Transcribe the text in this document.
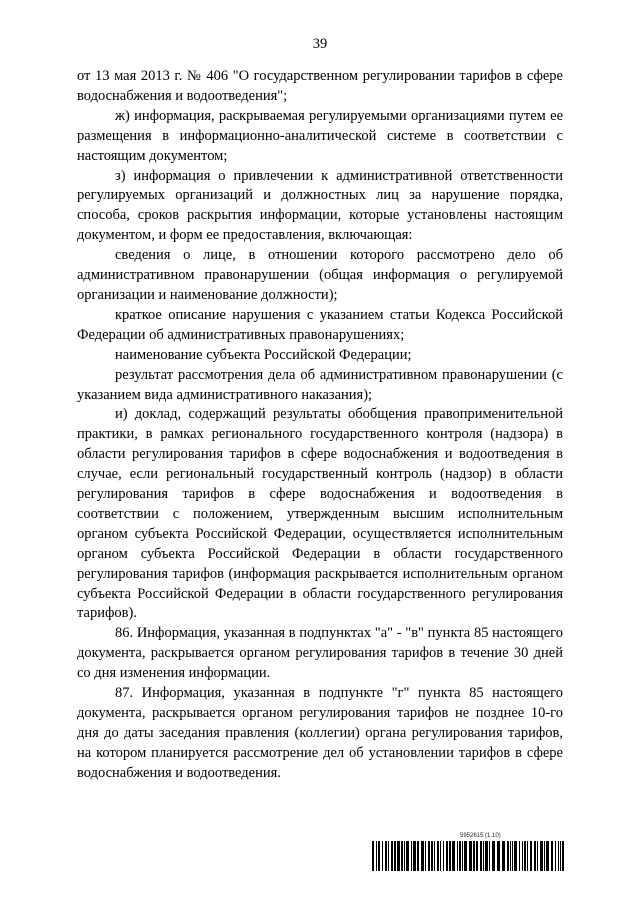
39

от 13 мая 2013 г. № 406 "О государственном регулировании тарифов в сфере водоснабжения и водоотведения";

ж) информация, раскрываемая регулируемыми организациями путем ее размещения в информационно-аналитической системе в соответствии с настоящим документом;

з) информация о привлечении к административной ответственности регулируемых организаций и должностных лиц за нарушение порядка, способа, сроков раскрытия информации, которые установлены настоящим документом, и форм ее предоставления, включающая:

сведения о лице, в отношении которого рассмотрено дело об административном правонарушении (общая информация о регулируемой организации и наименование должности);

краткое описание нарушения с указанием статьи Кодекса Российской Федерации об административных правонарушениях;

наименование субъекта Российской Федерации;

результат рассмотрения дела об административном правонарушении (с указанием вида административного наказания);

и) доклад, содержащий результаты обобщения правоприменительной практики, в рамках регионального государственного контроля (надзора) в области регулирования тарифов в сфере водоснабжения и водоотведения в случае, если региональный государственный контроль (надзор) в области регулирования тарифов в сфере водоснабжения и водоотведения в соответствии с положением, утвержденным высшим исполнительным органом субъекта Российской Федерации, осуществляется исполнительным органом субъекта Российской Федерации в области государственного регулирования тарифов (информация раскрывается исполнительным органом субъекта Российской Федерации в области государственного регулирования тарифов).

86. Информация, указанная в подпунктах "а" - "в" пункта 85 настоящего документа, раскрывается органом регулирования тарифов в течение 30 дней со дня изменения информации.

87. Информация, указанная в подпункте "г" пункта 85 настоящего документа, раскрывается органом регулирования тарифов не позднее 10-го дня до даты заседания правления (коллегии) органа регулирования тарифов, на котором планируется рассмотрение дел об установлении тарифов в сфере водоснабжения и водоотведения.

5952615 (1.10)
